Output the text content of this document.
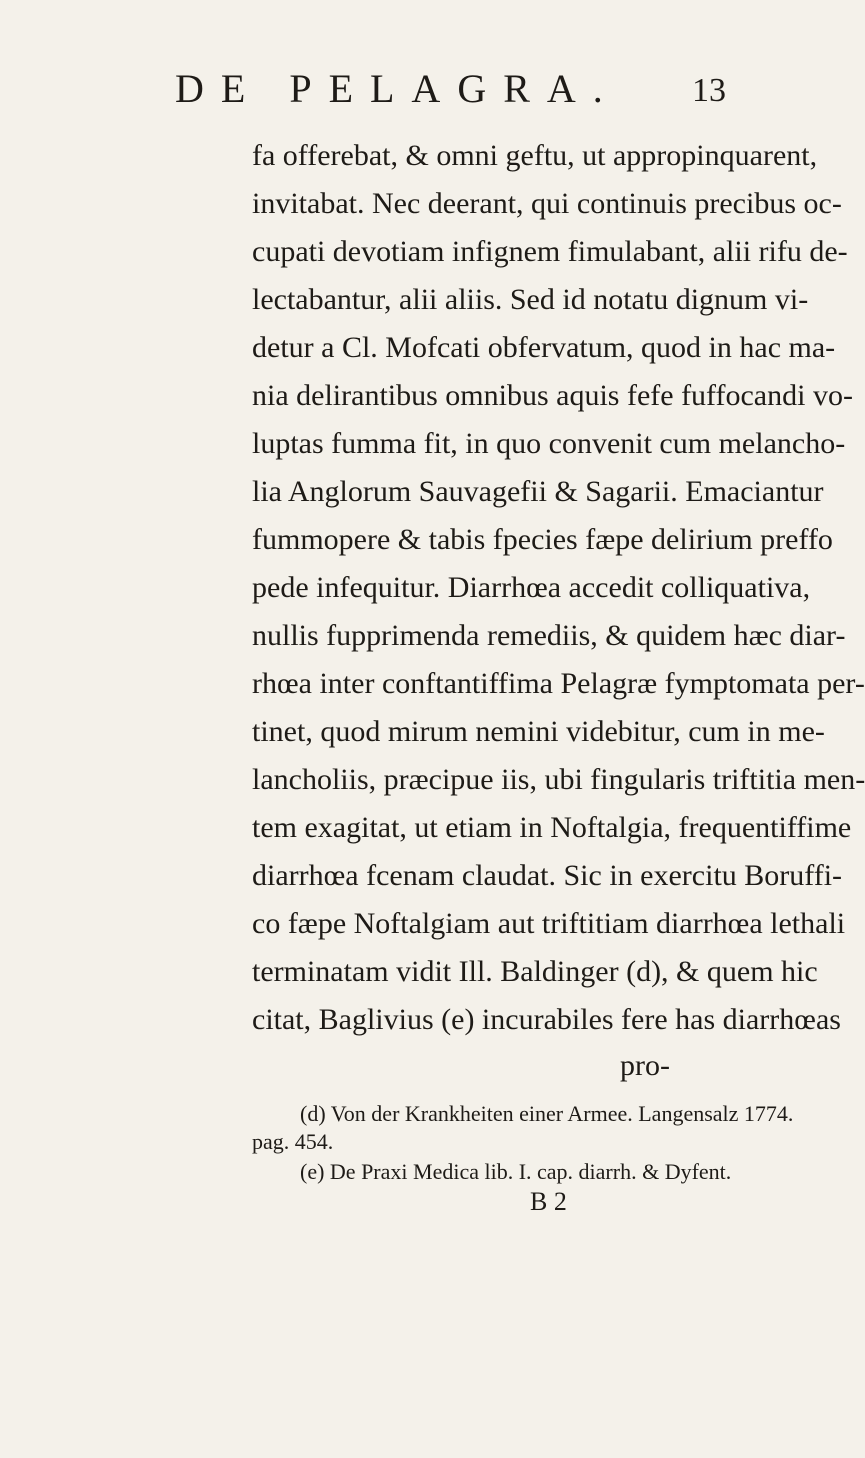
DE PELAGRA. 13
fa offerebat, & omni geftu, ut appropinquarent,
invitabat. Nec deerant, qui continuis precibus oc-
cupati devotiam infignem fimulabant, alii rifu de-
lectabantur, alii aliis. Sed id notatu dignum vi-
detur a Cl. Mofcati obfervatum, quod in hac ma-
nia delirantibus omnibus aquis fefe fuffocandi vo-
luptas fumma fit, in quo convenit cum melancho-
lia Anglorum Sauvagefii & Sagarii. Emaciantur
fummopere & tabis fpecies fæpe delirium preffo
pede infequitur. Diarrhœa accedit colliquativa,
nullis fupprimenda remediis, & quidem hæc diar-
rhœa inter conftantiffima Pelagræ fymptomata per-
tinet, quod mirum nemini videbitur, cum in me-
lancholiis, præcipue iis, ubi fingularis triftitia men-
tem exagitat, ut etiam in Noftalgia, frequentiffime
diarrhœa fcenam claudat. Sic in exercitu Boruffi-
co fæpe Noftalgiam aut triftitiam diarrhœa lethali
terminatam vidit Ill. Baldinger (d), & quem hic
citat, Baglivius (e) incurabiles fere has diarrhœas
pro-
(d) Von der Krankheiten einer Armee. Langensalz 1774.
pag. 454.
(e) De Praxi Medica lib. I. cap. diarrh. & Dyfent.
B 2
